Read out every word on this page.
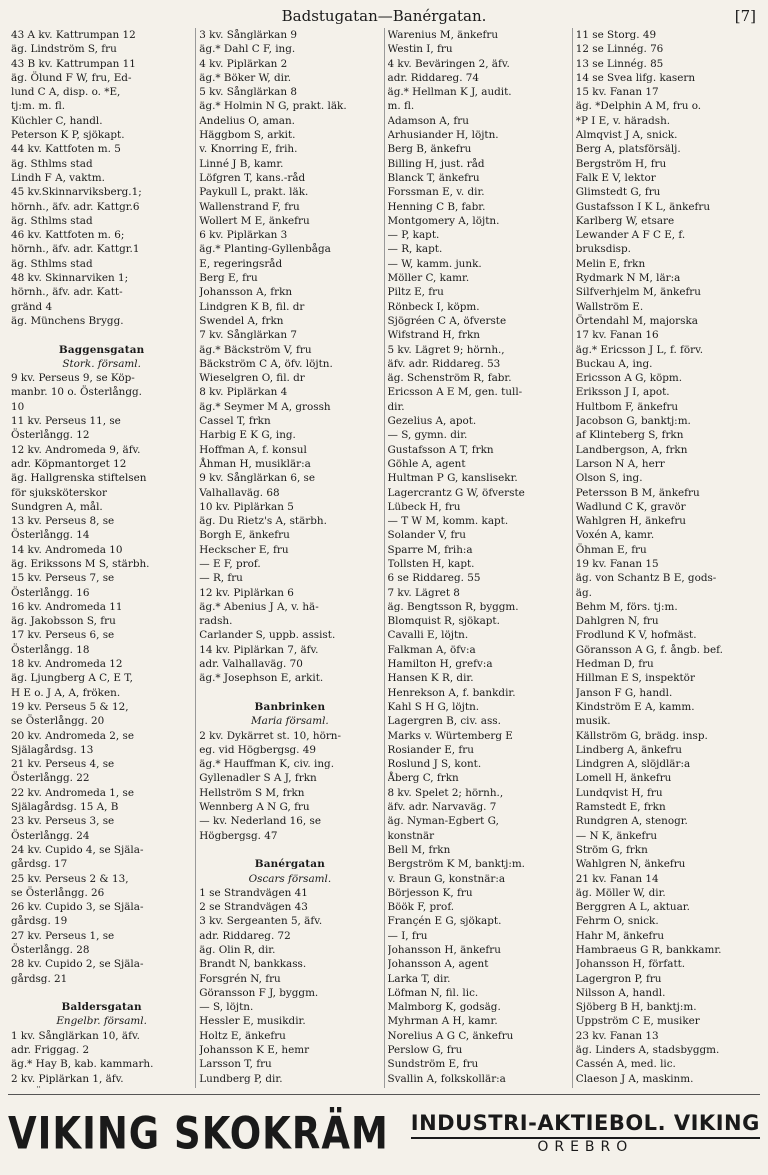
Badstugatan—Banérgatan.	[7]
43 A kv. Kattrumpan 12
äg. Lindström S, fru
43 B kv. Kattrumpan 11
äg. Ölund F W, fru, Ed-
lund C A, disp. o. *E,
tj:m. m. fl.
Küchler C, handl.
Peterson K P, sjökapt.
44 kv. Kattfoten m. 5
äg. Sthlms stad
Lindh F A, vaktm.
45 kv.Skinnarviksberg.1;
hörnh., äfv. adr. Kattgr.6
äg. Sthlms stad
46 kv. Kattfoten m. 6;
hörnh., äfv. adr. Kattgr.1
äg. Sthlms stad
48 kv. Skinnarviken 1;
hörnh., äfv. adr. Katt-
gränd 4
äg. Münchens Brygg.

Baggensgatan
Stork. församl.
9 kv. Perseus 9, se Köp-
manbr. 10 o. Österlångg.
10
11 kv. Perseus 11, se
Österlångg. 12
12 kv. Andromeda 9, äfv.
adr. Köpmantorget 12
äg. Hallgrenska stiftelsen
för sjuksköterskor
Sundgren A, mål.
13 kv. Perseus 8, se
Österlångg. 14
14 kv. Andromeda 10
äg. Erikssons M S, stärbh.
15 kv. Perseus 7, se
Österlångg. 16
16 kv. Andromeda 11
äg. Jakobsson S, fru
17 kv. Perseus 6, se
Österlångg. 18
18 kv. Andromeda 12
äg. Ljungberg A C, E T,
H E o. J A, A, fröken.
19 kv. Perseus 5 & 12,
se Österlångg. 20
20 kv. Andromeda 2, se
Själagårdsg. 13
21 kv. Perseus 4, se
Österlångg. 22
22 kv. Andromeda 1, se
Själagårdsg. 15 A, B
23 kv. Perseus 3, se
Österlångg. 24
24 kv. Cupido 4, se Själa-
gårdsg. 17
25 kv. Perseus 2 & 13,
se Österlångg. 26
26 kv. Cupido 3, se Själa-
gårdsg. 19
27 kv. Perseus 1, se
Österlångg. 28
28 kv. Cupido 2, se Själa-
gårdsg. 21

Baldersgatan
Engelbr. församl.
1 kv. Sånglärkan 10, äfv.
adr. Friggag. 2
äg.* Hay B, kab. kammarh.
2 kv. Piplärkan 1, äfv.
3 kv. Sånglärkan 9
äg.* Dahl C F, ing.
4 kv. Piplärkan 2
äg.* Böker W, dir.
5 kv. Sånglärkan 8
äg.* Holmin N G, prakt. läk.
Andelius O, aman.
Häggbom S, arkit.
v. Knorring E, frih.
Linné J B, kamr.
Löfgren T, kans.-råd
Paykull L, prakt. läk.
Wallenstrand F, fru
Wollert M E, änkefru
6 kv. Piplärkan 3
äg.* Planting-Gyllenbåga
E, regeringsråd
Berg E, fru
Johansson A, frkn
Lindgren K B, fil. dr
Swendel A, frkn
7 kv. Sånglärkan 7
äg.* Bäckström V, fru
Bäckström C A, öfv. löjtn.
Wieselgren O, fil. dr
8 kv. Piplärkan 4
äg.* Seymer M A, grossh
Cassel T, frkn
Harbig E K G, ing.
Hoffman A, f. konsul
Åhman H, musiklär:a
9 kv. Sånglärkan 6, se
Valhallaväg. 68
10 kv. Piplärkan 5
äg. Du Rietz's A, stärbh.
Borgh E, änkefru
Heckscher E, fru
— E F, prof.
— R, fru
12 kv. Piplärkan 6
äg.* Abenius J A, v. hä-
radsh.
Carlander S, uppb. assist.
14 kv. Piplärkan 7, äfv.
adr. Valhallaväg. 70
äg.* Josephson E, arkit.

Banbrinken
Maria församl.
2 kv. Dykärret st. 10, hörn-
eg. vid Högbergsg. 49
äg.* Hauffman K, civ. ing.
Gyllenadler S A J, frkn
Hellström S M, frkn
Wennberg A N G, fru
— kv. Nederland 16, se
Högbergsg. 47

Banérgatan
Oscars församl.
1 se Strandvägen 41
2 se Strandvägen 43
3 kv. Sergeanten 5, äfv.
adr. Riddareg. 72
äg. Olin R, dir.
Brandt N, bankkass.
Forsgrén N, fru
Göransson F J, byggm.
— S, löjtn.
Hessler E, musikdir.
Holtz E, änkefru
Johansson K E, hemr
Larsson T, fru
Lundberg P, dir.
Warenius M, änkefru
Westin I, fru
4 kv. Beväringen 2, äfv.
adr. Riddareg. 74
äg.* Hellman K J, audit.
m. fl.
Adamson A, fru
Arhusiander H, löjtn.
Berg B, änkefru
Billing H, just. råd
Blanck T, änkefru
Forssman E, v. dir.
Henning C B, fabr.
Montgomery A, löjtn.
— P, kapt.
— R, kapt.
— W, kamm. junk.
Möller C, kamr.
Piltz E, fru
Rönbeck I, köpm.
Sjögréen C A, öfverste
Wifstrand H, frkn
5 kv. Lägret 9; hörnh.,
äfv. adr. Riddareg. 53
äg. Schenström R, fabr.
Ericsson A E M, gen. tull-
dir.
Gezelius A, apot.
— S, gymn. dir.
Gustafsson A T, frkn
Göhle A, agent
Hultman P G, kanslisekr.
Lagercrantz G W, öfverste
Lübeck H, fru
— T W M, komm. kapt.
Solander V, fru
Sparre M, frih:a
Tollsten H, kapt.
6 se Riddareg. 55
7 kv. Lägret 8
äg. Bengtsson R, byggm.
Blomquist R, sjökapt.
Cavalli E, löjtn.
Falkman A, öfv:a
Hamilton H, grefv:a
Hansen K R, dir.
Henrekson A, f. bankdir.
Kahl S H G, löjtn.
Lagergren B, civ. ass.
Marks v. Würtemberg E
Rosiander E, fru
Roslund J S, kont.
Åberg C, frkn
8 kv. Spelet 2; hörnh.,
äfv. adr. Narvaväg. 7
äg. Nyman-Egbert G,
konstnär
Bell M, frkn
Bergström K M, banktj:m.
v. Braun G, konstnär:a
Börjesson K, fru
Böök F, prof.
Françén E G, sjökapt.
— I, fru
Johansson H, änkefru
Johansson A, agent
Larka T, dir.
Löfman N, fil. lic.
Malmborg K, godsäg.
Myhrman A H, kamr.
Norelius A G C, änkefru
Perslow G, fru
Sundström E, fru
Svallin A, folkskollär:a
11 se Storg. 49
12 se Linnég. 76
13 se Linnég. 85
14 se Svea lifg. kasern
15 kv. Fanan 17
äg. *Delphin A M, fru o.
*P I E, v. häradsh.
Almqvist J A, snick.
Berg A, platsförsälj.
Bergström H, fru
Falk E V, lektor
Glimstedt G, fru
Gustafsson I K L, änkefru
Karlberg W, etsare
Lewander A F C E, f.
bruksdisp.
Melin E, frkn
Rydmark N M, lär:a
Silfverhjelm M, änkefru
Wallström E.
Örtendahl M, majorska
17 kv. Fanan 16
äg.* Ericsson J L, f. förv.
Buckau A, ing.
Ericsson A G, köpm.
Eriksson J I, apot.
Hultbom F, änkefru
Jacobson G, banktj:m.
af Klinteberg S, frkn
Landbergson, A, frkn
Larson N A, herr
Olson S, ing.
Petersson B M, änkefru
Wadlund C K, gravör
Wahlgren H, änkefru
Voxén A, kamr.
Öhman E, fru
19 kv. Fanan 15
äg. von Schantz B E, gods-
äg.
Behm M, förs. tj:m.
Dahlgren N, fru
Frodlund K V, hofmäst.
Göransson A G, f. ångb. bef.
Hedman D, fru
Hillman E S, inspektör
Janson F G, handl.
Kindström E A, kamm.
musik.
Källström G, brädg. insp.
Lindberg A, änkefru
Lindgren A, slöjdlär:a
Lomell H, änkefru
Lundqvist H, fru
Ramstedt E, frkn
Rundgren A, stenogr.
— N K, änkefru
Ström G, frkn
Wahlgren N, änkefru
21 kv. Fanan 14
äg. Möller W, dir.
Berggren A L, aktuar.
Fehrm O, snick.
Hahr M, änkefru
Hambraeus G R, bankkamr.
Johansson H, författ.
Lagergron P, fru
Nilsson A, handl.
Sjöberg B H, banktj:m.
Uppström C E, musiker
23 kv. Fanan 13
äg. Linders A, stadsbyggm.
Cassén A, med. lic.
Claeson J A, maskinm.
VIKING SKOKRÄM INDUSTRI-AKTIEBOL. VIKING
OREBRO
